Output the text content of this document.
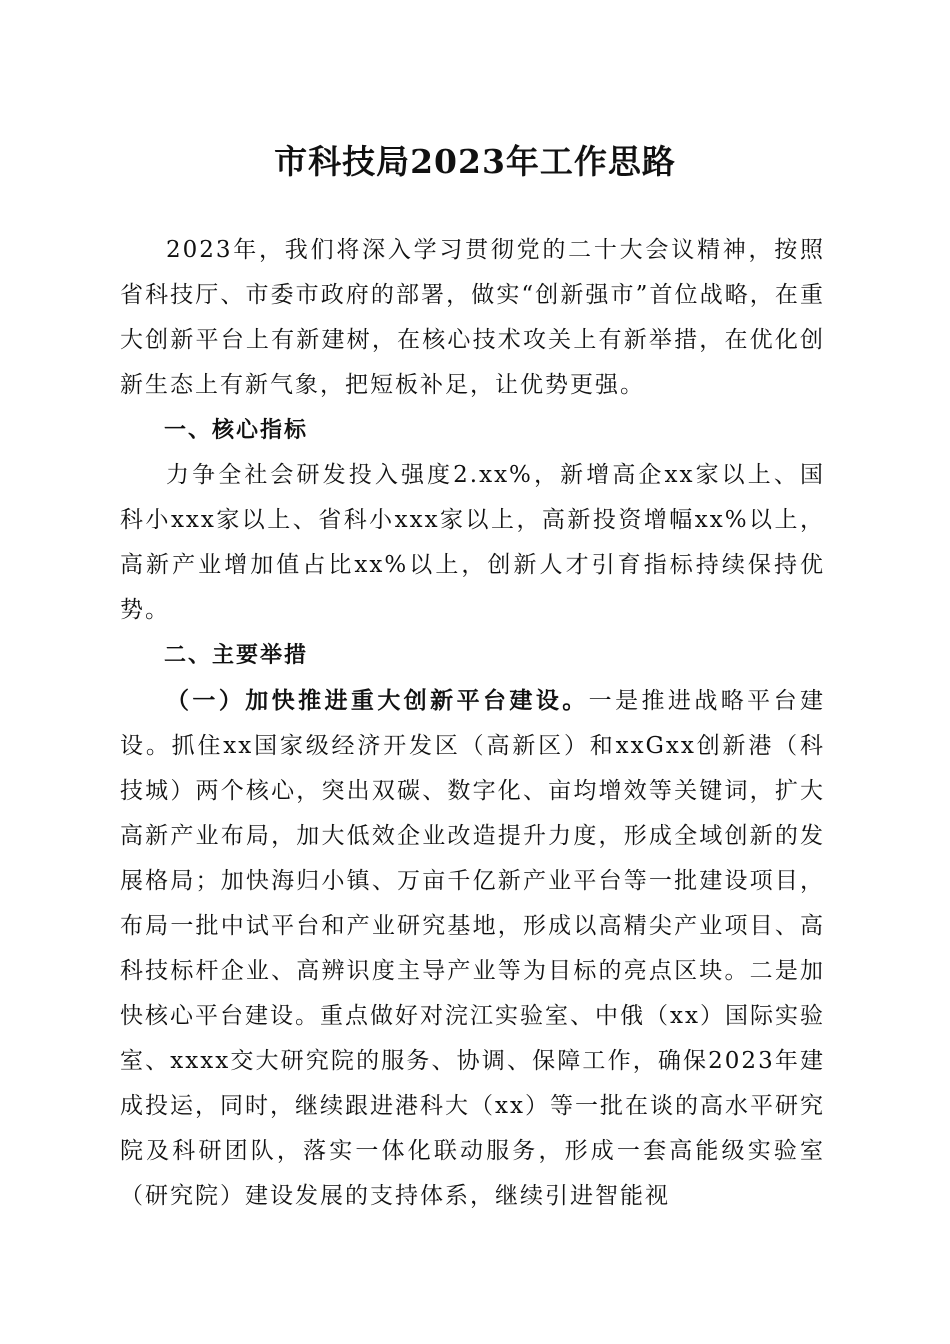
市科技局2023年工作思路

2023年，我们将深入学习贯彻党的二十大会议精神，按照省科技厅、市委市政府的部署，做实“创新强市”首位战略，在重大创新平台上有新建树，在核心技术攻关上有新举措，在优化创新生态上有新气象，把短板补足，让优势更强。

一、核心指标

力争全社会研发投入强度2.xx%，新增高企xx家以上、国科小xxx家以上、省科小xxx家以上，高新投资增幅xx%以上，高新产业增加值占比xx%以上，创新人才引育指标持续保持优势。

二、主要举措

（一）加快推进重大创新平台建设。一是推进战略平台建设。抓住xx国家级经济开发区（高新区）和xxGxx创新港（科技城）两个核心，突出双碳、数字化、亩均增效等关键词，扩大高新产业布局，加大低效企业改造提升力度，形成全域创新的发展格局；加快海归小镇、万亩千亿新产业平台等一批建设项目，布局一批中试平台和产业研究基地，形成以高精尖产业项目、高科技标杆企业、高辨识度主导产业等为目标的亮点区块。二是加快核心平台建设。重点做好对浣江实验室、中俄（xx）国际实验室、xxxx交大研究院的服务、协调、保障工作，确保2023年建成投运，同时，继续跟进港科大（xx）等一批在谈的高水平研究院及科研团队，落实一体化联动服务，形成一套高能级实验室（研究院）建设发展的支持体系，继续引进智能视
